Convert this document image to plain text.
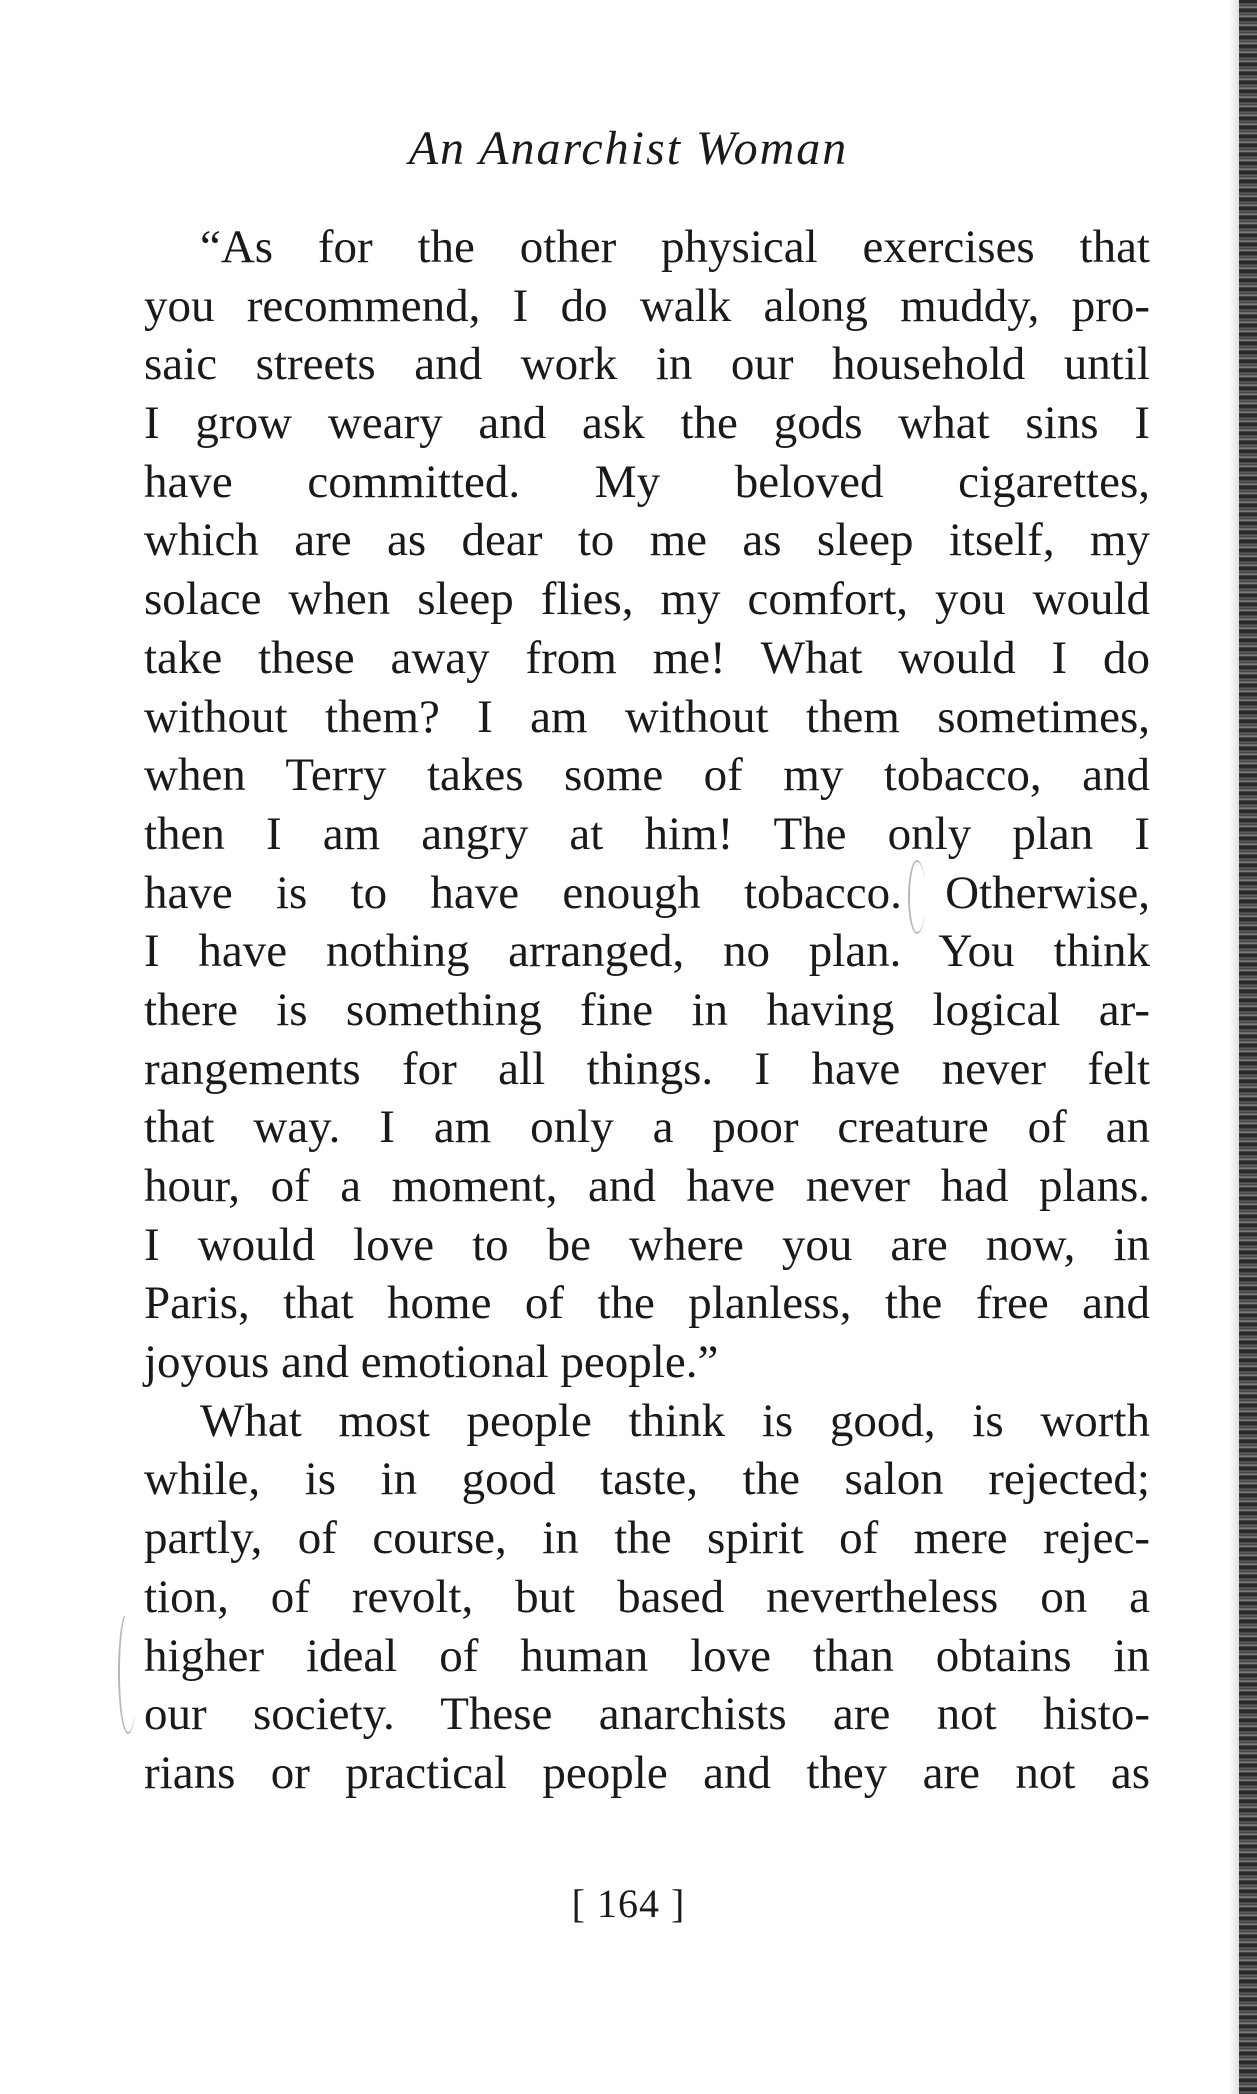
An Anarchist Woman
“As for the other physical exercises that
you recommend, I do walk along muddy, pro-
saic streets and work in our household until
I grow weary and ask the gods what sins I
have committed. My beloved cigarettes,
which are as dear to me as sleep itself, my
solace when sleep flies, my comfort, you would
take these away from me! What would I do
without them? I am without them sometimes,
when Terry takes some of my tobacco, and
then I am angry at him! The only plan I
have is to have enough tobacco. Otherwise,
I have nothing arranged, no plan. You think
there is something fine in having logical ar-
rangements for all things. I have never felt
that way. I am only a poor creature of an
hour, of a moment, and have never had plans.
I would love to be where you are now, in
Paris, that home of the planless, the free and
joyous and emotional people.”
What most people think is good, is worth
while, is in good taste, the salon rejected;
partly, of course, in the spirit of mere rejec-
tion, of revolt, but based nevertheless on a
higher ideal of human love than obtains in
our society. These anarchists are not histo-
rians or practical people and they are not as
[ 164 ]
